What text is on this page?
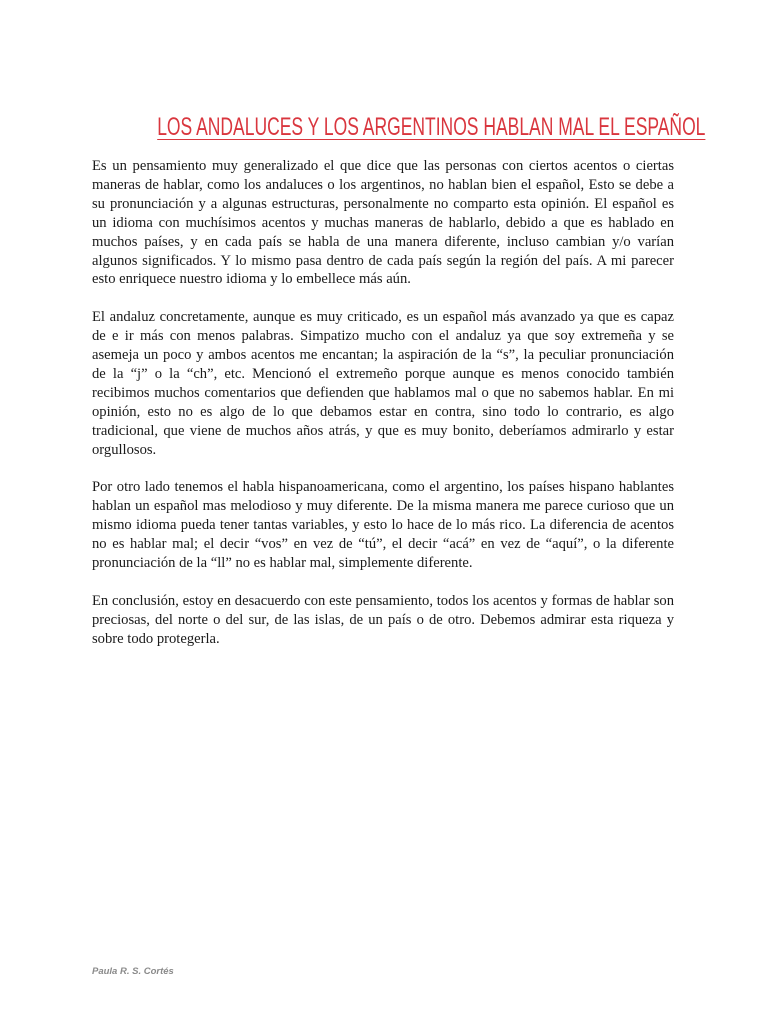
LOS ANDALUCES Y LOS ARGENTINOS HABLAN MAL EL ESPAÑOL

Es un pensamiento muy generalizado el que dice que las personas con ciertos acentos o ciertas maneras de hablar, como los andaluces o los argentinos, no hablan bien el español, Esto se debe a su pronunciación y a algunas estructuras, personalmente no comparto esta opinión. El español es un idioma con muchísimos acentos y muchas maneras de hablarlo, debido a que es hablado en muchos países, y en cada país se habla de una manera diferente, incluso cambian y/o varían algunos significados. Y lo mismo pasa dentro de cada país según la región del país. A mi parecer esto enriquece nuestro idioma y lo embellece más aún.

El andaluz concretamente, aunque es muy criticado, es un español más avanzado ya que es capaz de e ir más con menos palabras. Simpatizo mucho con el andaluz ya que soy extremeña y se asemeja un poco y ambos acentos me encantan; la aspiración de la “s”, la peculiar pronunciación de la “j” o la “ch”, etc. Mencionó el extremeño porque aunque es menos conocido también recibimos muchos comentarios que defienden que hablamos mal o que no sabemos hablar. En mi opinión, esto no es algo de lo que debamos estar en contra, sino todo lo contrario, es algo tradicional, que viene de muchos años atrás, y que es muy bonito, deberíamos admirarlo y estar orgullosos.

Por otro lado tenemos el habla hispanoamericana, como el argentino, los países hispano hablantes hablan un español mas melodioso y muy diferente. De la misma manera me parece curioso que un mismo idioma pueda tener tantas variables, y esto lo hace de lo más rico. La diferencia de acentos no es hablar mal; el decir “vos” en vez de “tú”, el decir “acá” en vez de “aquí”, o la diferente pronunciación de la “ll” no es hablar mal, simplemente diferente.

En conclusión, estoy en desacuerdo con este pensamiento, todos los acentos y formas de hablar son preciosas, del norte o del sur, de las islas, de un país o de otro. Debemos admirar esta riqueza y sobre todo protegerla.

Paula R. S. Cortés
